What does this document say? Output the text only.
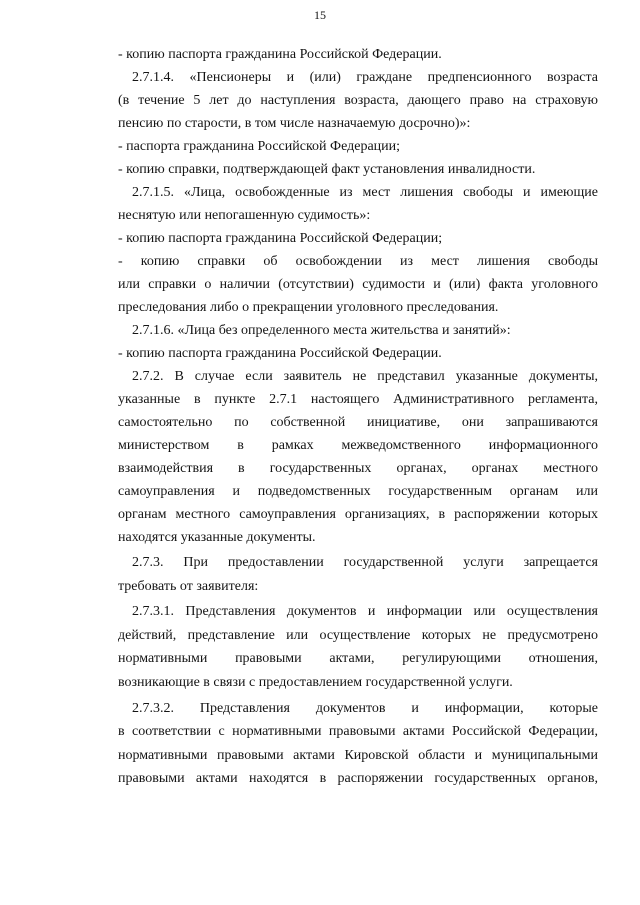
15
- копию паспорта гражданина Российской Федерации.
2.7.1.4. «Пенсионеры и (или) граждане предпенсионного возраста
(в течение 5 лет до наступления возраста, дающего право на страховую
пенсию по старости, в том числе назначаемую досрочно)»:
- паспорта гражданина Российской Федерации;
- копию справки, подтверждающей факт установления инвалидности.
2.7.1.5. «Лица, освобожденные из мест лишения свободы и имеющие
неснятую или непогашенную судимость»:
- копию паспорта гражданина Российской Федерации;
- копию справки об освобождении из мест лишения свободы
или справки о наличии (отсутствии) судимости и (или) факта уголовного
преследования либо о прекращении уголовного преследования.
2.7.1.6. «Лица без определенного места жительства и занятий»:
- копию паспорта гражданина Российской Федерации.
2.7.2. В случае если заявитель не представил указанные документы,
указанные в пункте 2.7.1 настоящего Административного регламента,
самостоятельно по собственной инициативе, они запрашиваются
министерством в рамках межведомственного информационного
взаимодействия в государственных органах, органах местного
самоуправления и подведомственных государственным органам или
органам местного самоуправления организациях, в распоряжении которых
находятся указанные документы.
2.7.3. При предоставлении государственной услуги запрещается
требовать от заявителя:
2.7.3.1. Представления документов и информации или осуществления
действий, представление или осуществление которых не предусмотрено
нормативными правовыми актами, регулирующими отношения,
возникающие в связи с предоставлением государственной услуги.
2.7.3.2. Представления документов и информации, которые
в соответствии с нормативными правовыми актами Российской Федерации,
нормативными правовыми актами Кировской области и муниципальными
правовыми актами находятся в распоряжении государственных органов,
